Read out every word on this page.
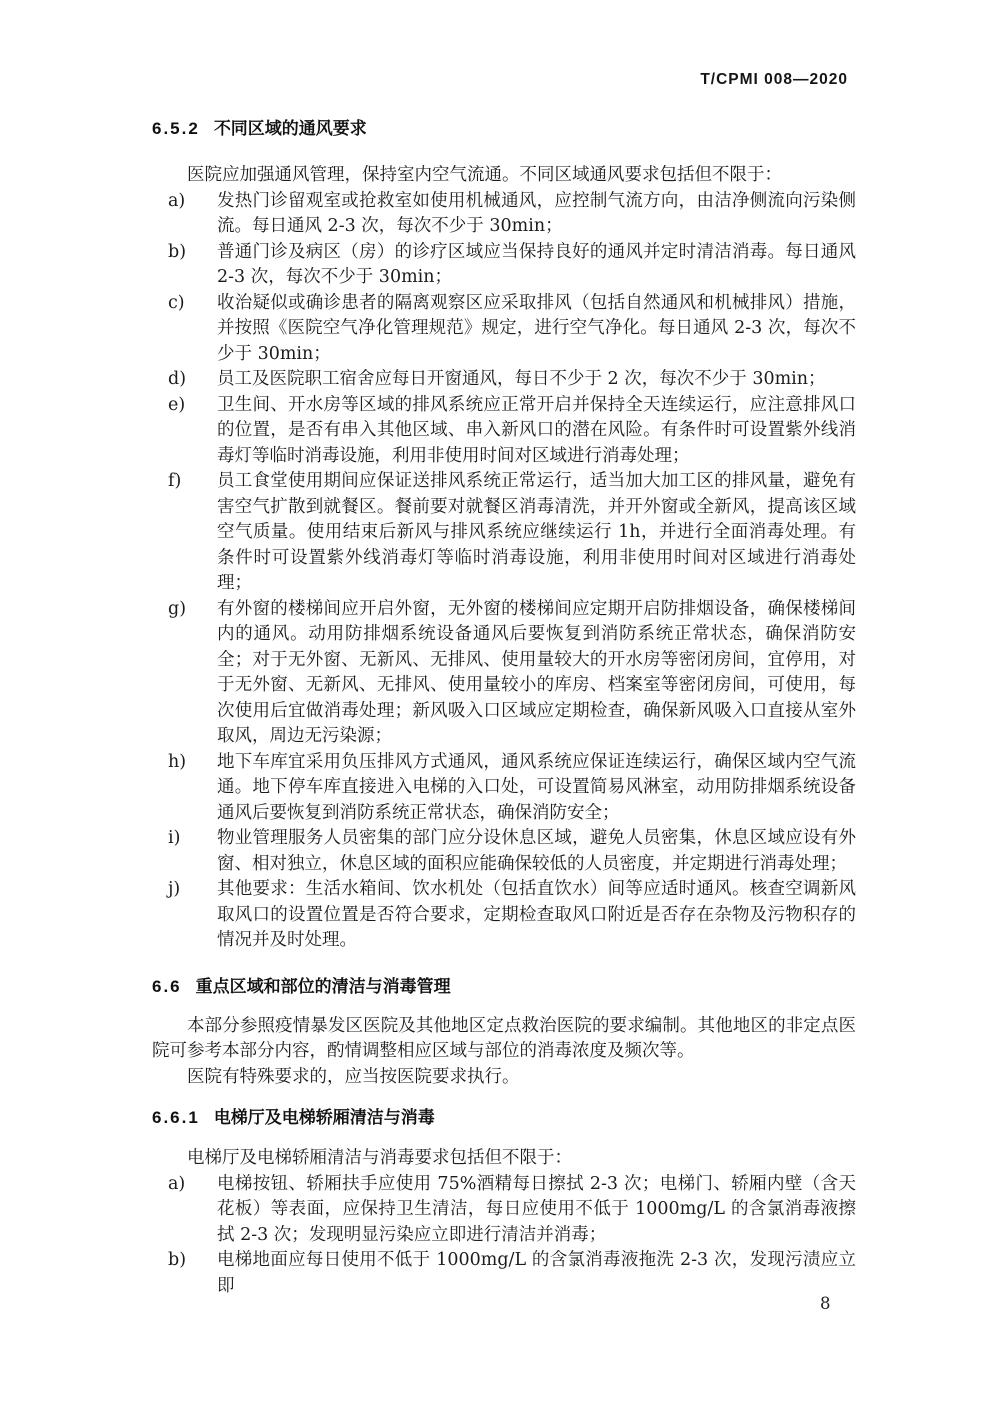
T/CPMI 008—2020
6.5.2 不同区域的通风要求

医院应加强通风管理，保持室内空气流通。不同区域通风要求包括但不限于：

a)	发热门诊留观室或抢救室如使用机械通风，应控制气流方向，由洁净侧流向污染侧流。每日通风 2-3 次，每次不少于 30min；
b)	普通门诊及病区（房）的诊疗区域应当保持良好的通风并定时清洁消毒。每日通风 2-3 次，每次不少于 30min；
c)	收治疑似或确诊患者的隔离观察区应采取排风（包括自然通风和机械排风）措施，并按照《医院空气净化管理规范》规定，进行空气净化。每日通风 2-3 次，每次不少于 30min；
d)	员工及医院职工宿舍应每日开窗通风，每日不少于 2 次，每次不少于 30min；
e)	卫生间、开水房等区域的排风系统应正常开启并保持全天连续运行，应注意排风口的位置，是否有串入其他区域、串入新风口的潜在风险。有条件时可设置紫外线消毒灯等临时消毒设施，利用非使用时间对区域进行消毒处理；
f)	员工食堂使用期间应保证送排风系统正常运行，适当加大加工区的排风量，避免有害空气扩散到就餐区。餐前要对就餐区消毒清洗，并开外窗或全新风，提高该区域空气质量。使用结束后新风与排风系统应继续运行 1h，并进行全面消毒处理。有条件时可设置紫外线消毒灯等临时消毒设施，利用非使用时间对区域进行消毒处理；
g)	有外窗的楼梯间应开启外窗，无外窗的楼梯间应定期开启防排烟设备，确保楼梯间内的通风。动用防排烟系统设备通风后要恢复到消防系统正常状态，确保消防安全；对于无外窗、无新风、无排风、使用量较大的开水房等密闭房间，宜停用，对于无外窗、无新风、无排风、使用量较小的库房、档案室等密闭房间，可使用，每次使用后宜做消毒处理；新风吸入口区域应定期检查，确保新风吸入口直接从室外取风，周边无污染源；
h)	地下车库宜采用负压排风方式通风，通风系统应保证连续运行，确保区域内空气流通。地下停车库直接进入电梯的入口处，可设置简易风淋室，动用防排烟系统设备通风后要恢复到消防系统正常状态，确保消防安全；
i)	物业管理服务人员密集的部门应分设休息区域，避免人员密集，休息区域应设有外窗、相对独立，休息区域的面积应能确保较低的人员密度，并定期进行消毒处理；
j)	其他要求：生活水箱间、饮水机处（包括直饮水）间等应适时通风。核查空调新风取风口的设置位置是否符合要求，定期检查取风口附近是否存在杂物及污物积存的情况并及时处理。
6.6 重点区域和部位的清洁与消毒管理

本部分参照疫情暴发区医院及其他地区定点救治医院的要求编制。其他地区的非定点医院可参考本部分内容，酌情调整相应区域与部位的消毒浓度及频次等。

医院有特殊要求的，应当按医院要求执行。

6.6.1 电梯厅及电梯轿厢清洁与消毒

电梯厅及电梯轿厢清洁与消毒要求包括但不限于：

a)	电梯按钮、轿厢扶手应使用 75%酒精每日擦拭 2-3 次；电梯门、轿厢内壁（含天花板）等表面，应保持卫生清洁，每日应使用不低于 1000mg/L 的含氯消毒液擦拭 2-3 次；发现明显污染应立即进行清洁并消毒；
b)	电梯地面应每日使用不低于 1000mg/L 的含氯消毒液拖洗 2-3 次，发现污渍应立即
8
